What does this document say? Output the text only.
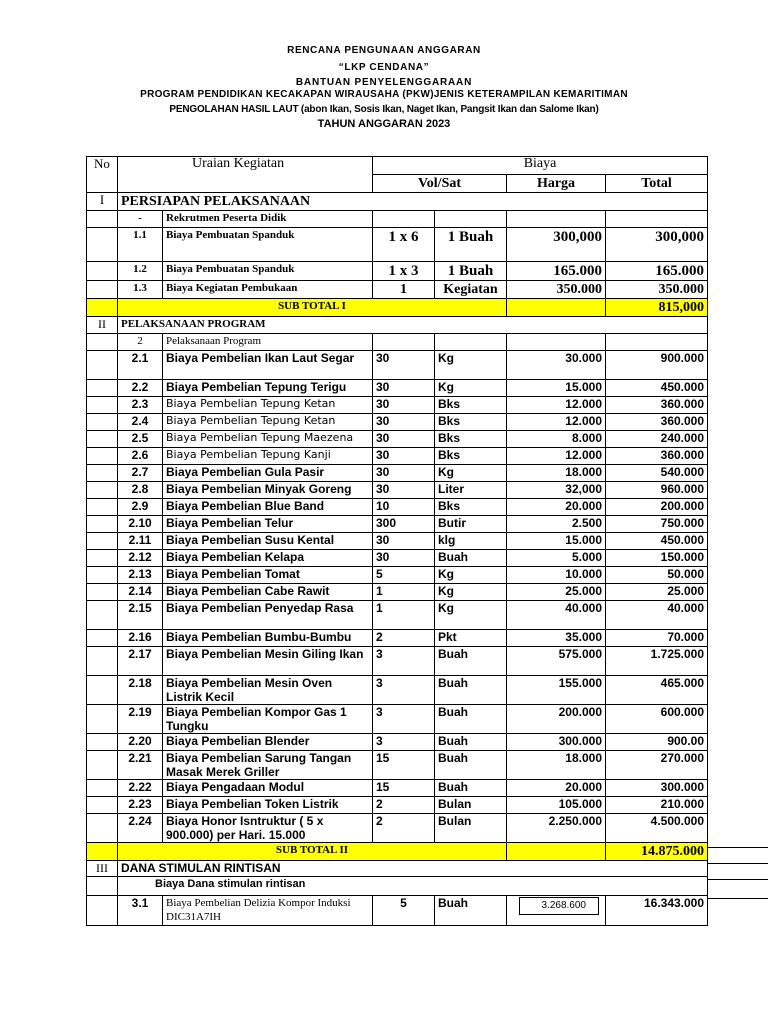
RENCANA PENGUNAAN ANGGARAN
“LKP CENDANA”
BANTUAN PENYELENGGARAAN
PROGRAM PENDIDIKAN KECAKAPAN WIRAUSAHA (PKW)JENIS KETERAMPILAN KEMARITIMAN
PENGOLAHAN HASIL LAUT (abon Ikan, Sosis Ikan, Naget Ikan, Pangsit Ikan dan Salome Ikan)
TAHUN ANGGARAN 2023
No	Uraian Kegiatan		Biaya			
			Vol/Sat		Harga	Total
I	PERSIAPAN PELAKSANAAN					
	-	Rekrutmen Peserta Didik				
	1.1	Biaya Pembuatan Spanduk	1 x 6	1 Buah	300,000	300,000
	1.2	Biaya Pembuatan Spanduk	1 x 3	1 Buah	165.000	165.000
	1.3	Biaya Kegiatan Pembukaan	1	Kegiatan	350.000	350.000
	SUB TOTAL I					815,000
II	PELAKSANAAN PROGRAM					
	2	Pelaksanaan Program				
	2.1	Biaya Pembelian Ikan Laut Segar	30	Kg	30.000	900.000
	2.2	Biaya Pembelian Tepung Terigu	30	Kg	15.000	450.000
	2.3	Biaya Pembelian Tepung Ketan	30	Bks	12.000	360.000
	2.4	Biaya Pembelian Tepung Ketan	30	Bks	12.000	360.000
	2.5	Biaya Pembelian Tepung Maezena	30	Bks	8.000	240.000
	2.6	Biaya Pembelian Tepung Kanji	30	Bks	12.000	360.000
	2.7	Biaya Pembelian Gula Pasir	30	Kg	18.000	540.000
	2.8	Biaya Pembelian Minyak Goreng	30	Liter	32,000	960.000
	2.9	Biaya Pembelian Blue Band	10	Bks	20.000	200.000
	2.10	Biaya Pembelian Telur	300	Butir	2.500	750.000
	2.11	Biaya Pembelian Susu Kental	30	klg	15.000	450.000
	2.12	Biaya Pembelian Kelapa	30	Buah	5.000	150.000
	2.13	Biaya Pembelian Tomat	5	Kg	10.000	50.000
	2.14	Biaya Pembelian Cabe Rawit	1	Kg	25.000	25.000
	2.15	Biaya Pembelian Penyedap Rasa	1	Kg	40.000	40.000
	2.16	Biaya Pembelian Bumbu-Bumbu	2	Pkt	35.000	70.000
	2.17	Biaya Pembelian Mesin Giling Ikan	3	Buah	575.000	1.725.000
	2.18	Biaya Pembelian Mesin Oven Listrik Kecil	3	Buah	155.000	465.000
	2.19	Biaya Pembelian Kompor Gas 1 Tungku	3	Buah	200.000	600.000
	2.20	Biaya Pembelian Blender	3	Buah	300.000	900.00
	2.21	Biaya Pembelian Sarung Tangan Masak Merek Griller	15	Buah	18.000	270.000
	2.22	Biaya Pengadaan Modul	15	Buah	20.000	300.000
	2.23	Biaya Pembelian Token Listrik	2	Bulan	105.000	210.000
	2.24	Biaya Honor Isntruktur ( 5 x 900.000) per Hari. 15.000	2	Bulan	2.250.000	4.500.000
	SUB TOTAL II					14.875.000
III	DANA STIMULAN RINTISAN					
	Biaya Dana stimulan rintisan					
	3.1	Biaya Pembelian Delizia Kompor Induksi DIC31A7IH	5	Buah	3.268.600	16.343.000
